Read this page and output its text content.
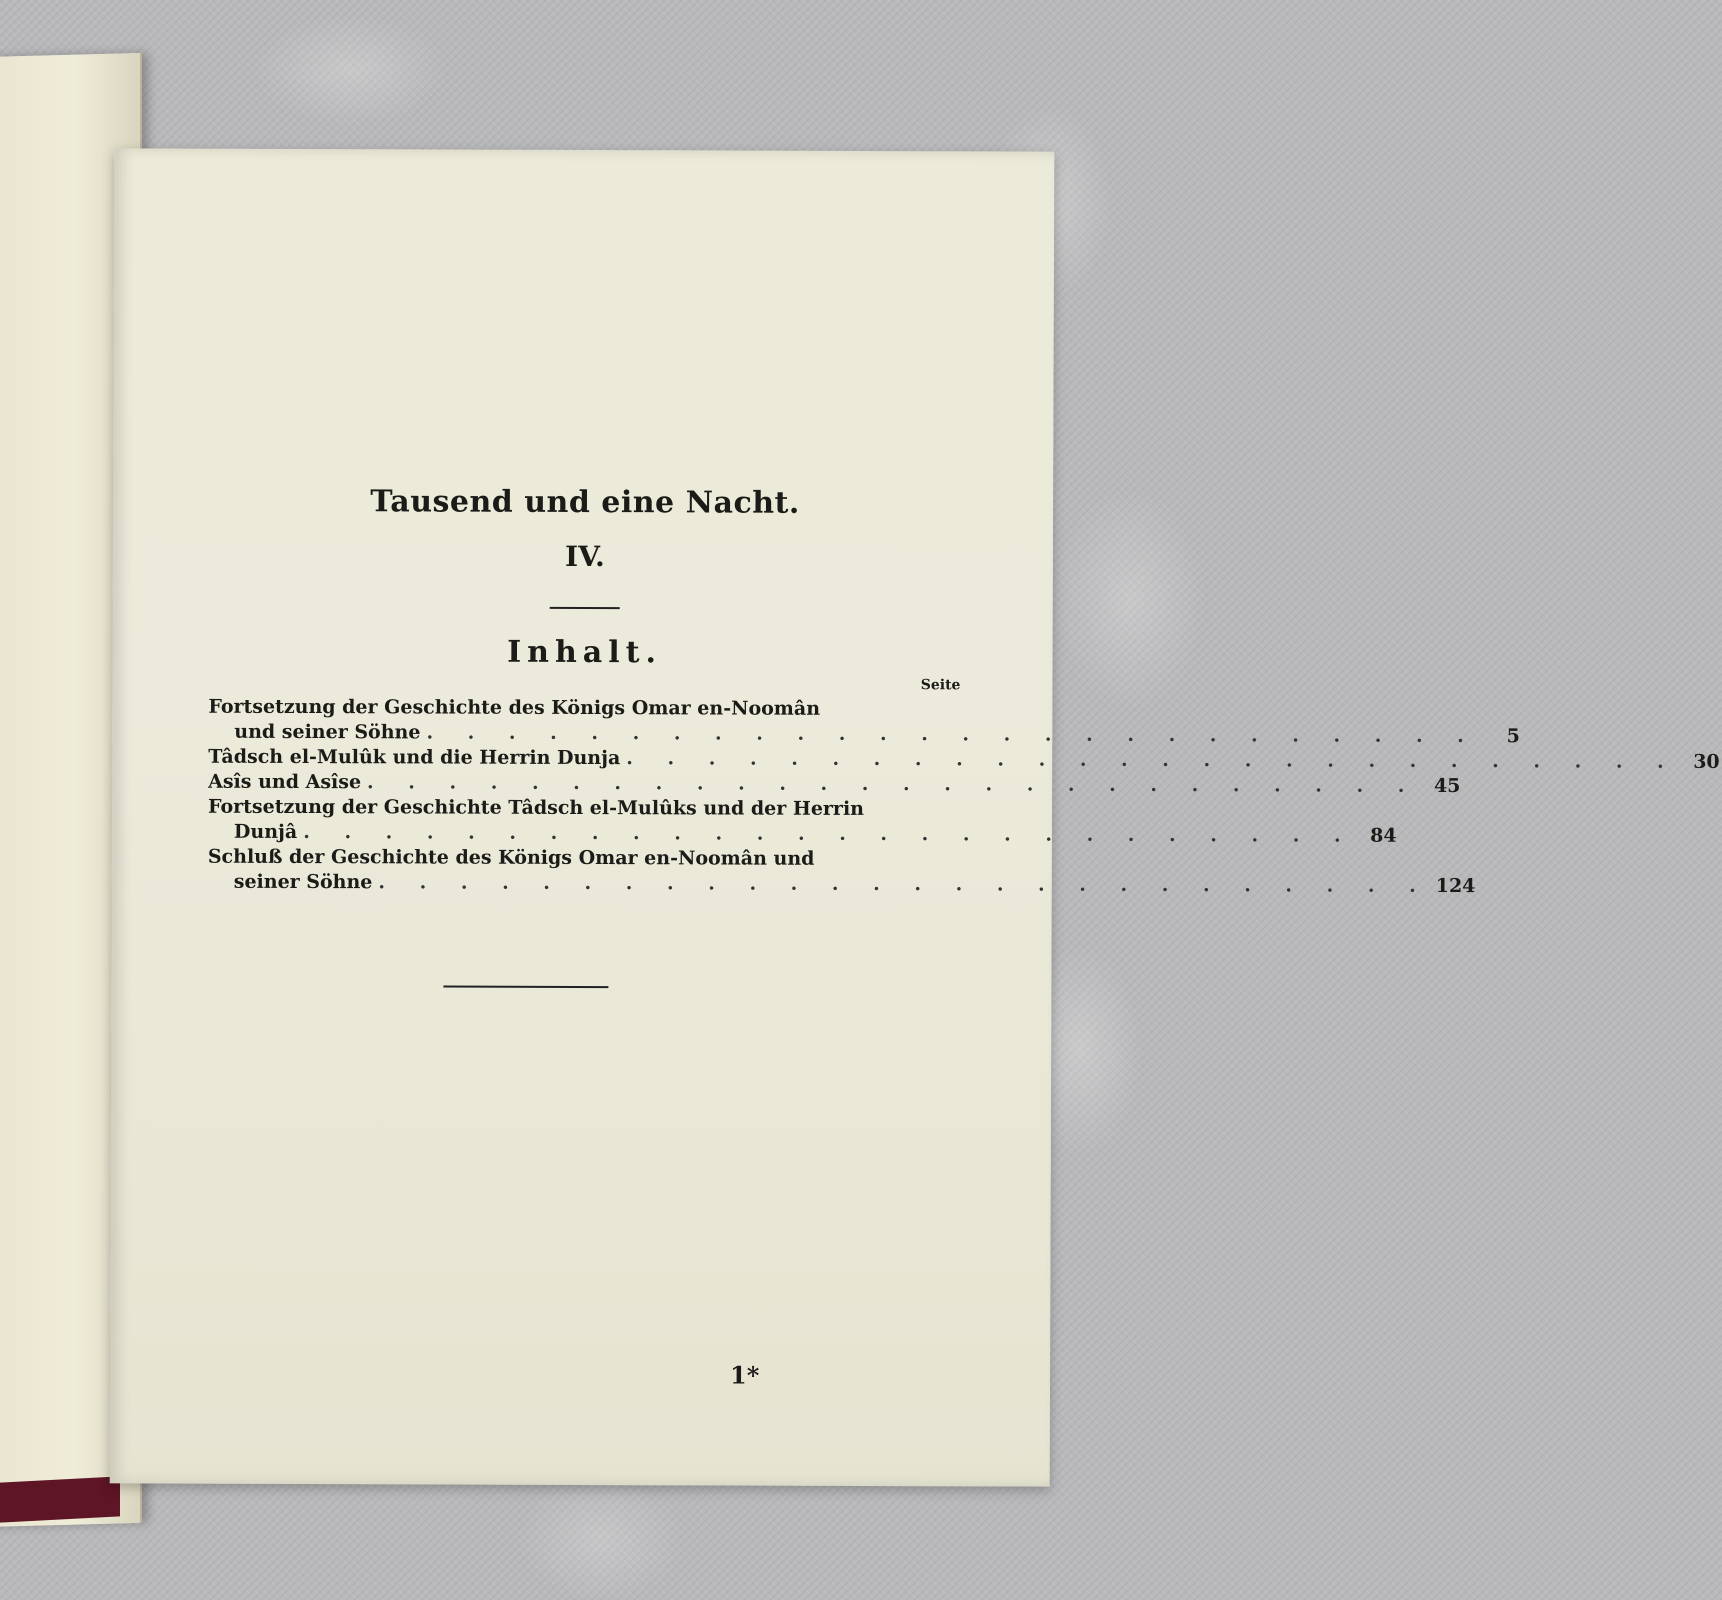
Tausend und eine Nacht.
IV.
Inhalt.
Seite
Fortsetzung der Geschichte des Königs Omar en-Noomân
und seiner Söhne . . . . . . . . . . . . . . . . . . . . . . . . . .	5
Tâdsch el-Mulûk und die Herrin Dunja . . . . . . . . . . . . . . . . . . . . . . . . . . 30
Asîs und Asîse . . . . . . . . . . . . . . . . . . . . . . . . . . 45
Fortsetzung der Geschichte Tâdsch el-Mulûks und der Herrin
Dunjâ . . . . . . . . . . . . . . . . . . . . . . . . . . 84
Schluß der Geschichte des Königs Omar en-Noomân und
seiner Söhne . . . . . . . . . . . . . . . . . . . . . . . . . . 124
1*
